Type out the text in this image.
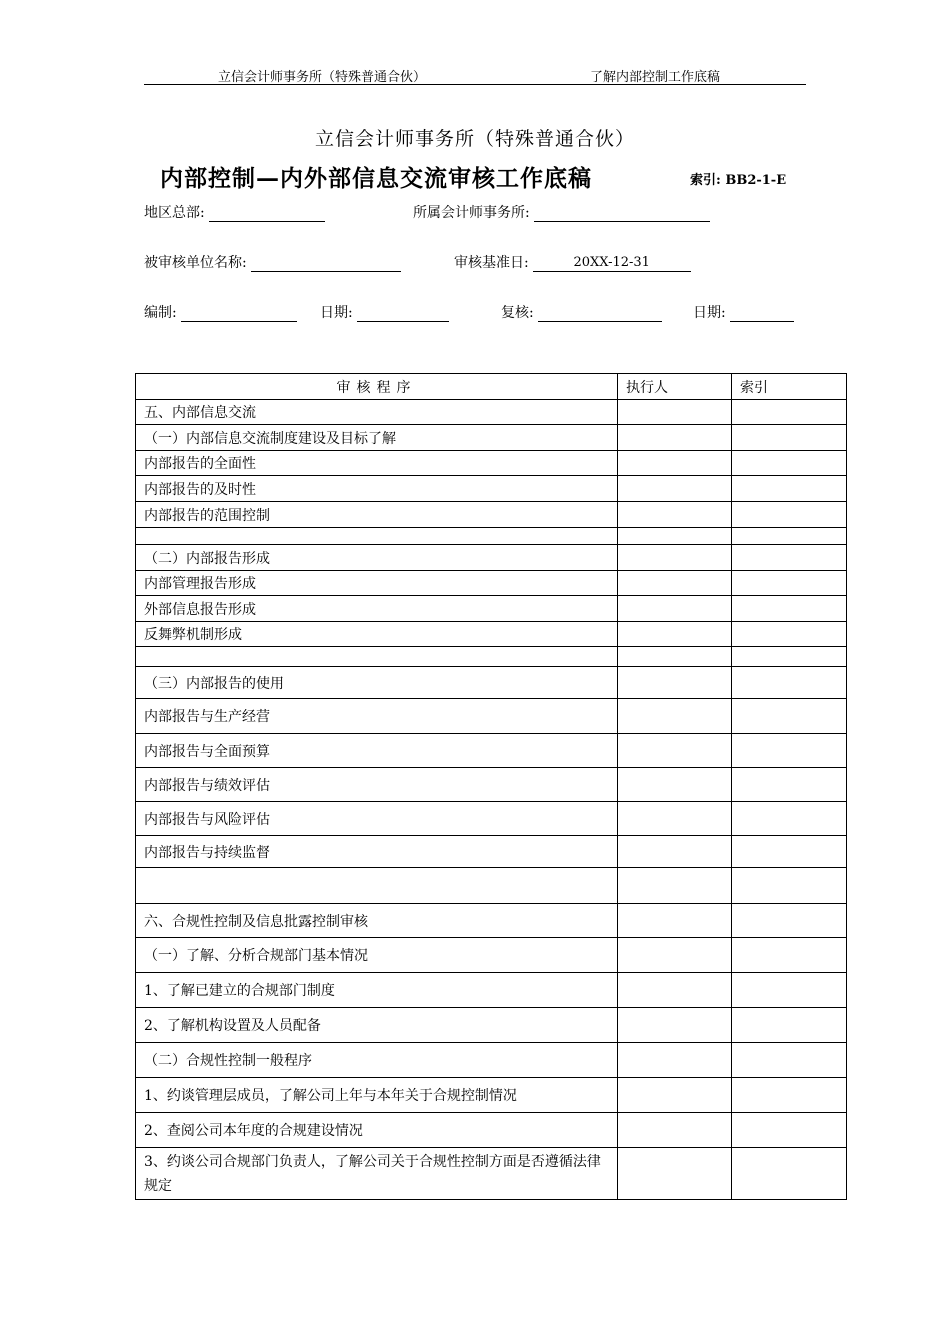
立信会计师事务所（特殊普通合伙）	了解内部控制工作底稿
立信会计师事务所（特殊普通合伙）
内部控制—内外部信息交流审核工作底稿	索引: BB2-1-E
地区总部:	所属会计师事务所:
被审核单位名称:	审核基准日:	20XX-12-31
编制:	日期:	复核:	日期:
审核程序	执行人	索引
五、内部信息交流		
（一）内部信息交流制度建设及目标了解		
内部报告的全面性		
内部报告的及时性		
内部报告的范围控制		

（二）内部报告形成		
内部管理报告形成		
外部信息报告形成		
反舞弊机制形成		

（三）内部报告的使用		
内部报告与生产经营		
内部报告与全面预算		
内部报告与绩效评估		
内部报告与风险评估		
内部报告与持续监督		

六、合规性控制及信息批露控制审核		
（一）了解、分析合规部门基本情况		
1、了解已建立的合规部门制度		
2、了解机构设置及人员配备		
（二）合规性控制一般程序		
1、约谈管理层成员，了解公司上年与本年关于合规控制情况		
2、查阅公司本年度的合规建设情况		
3、约谈公司合规部门负责人，了解公司关于合规性控制方面是否遵循法律规定		
